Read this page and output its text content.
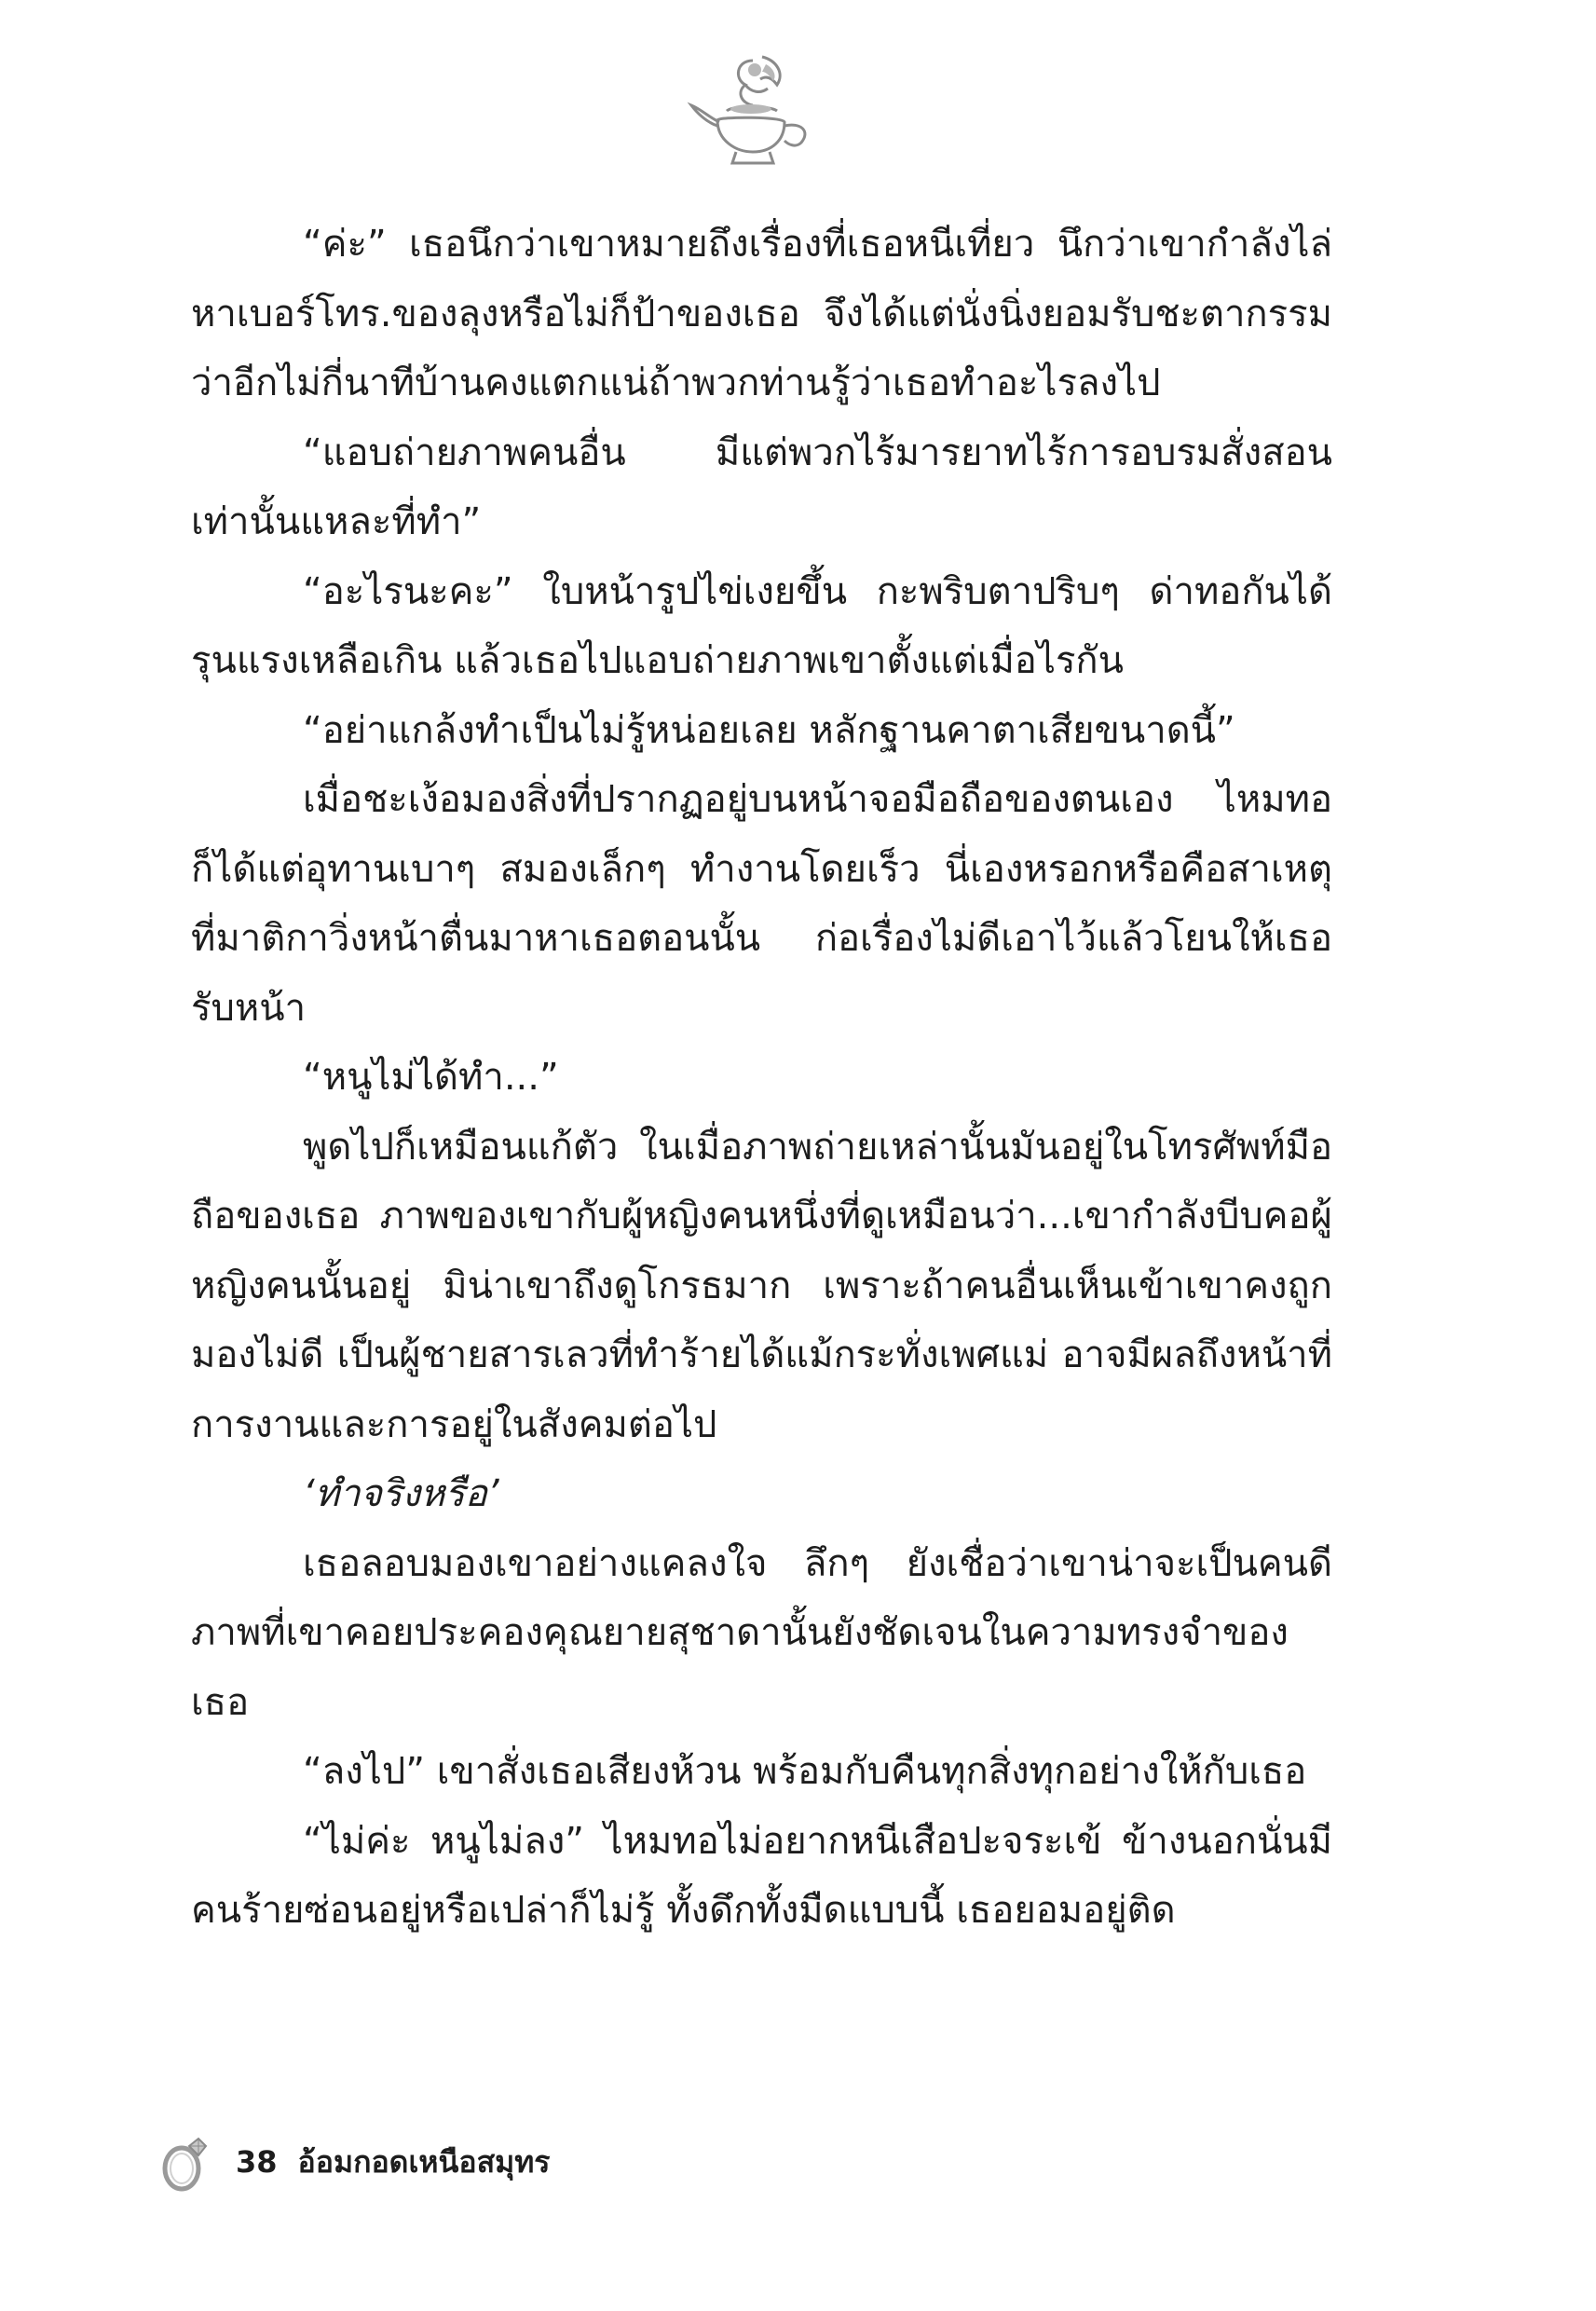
“ค่ะ” เธอนึกว่าเขาหมายถึงเรื่องที่เธอหนีเที่ยว นึกว่าเขากำลังไล่หาเบอร์โทร.ของลุงหรือไม่ก็ป้าของเธอ จึงได้แต่นั่งนิ่งยอมรับชะตากรรม ว่าอีกไม่กี่นาทีบ้านคงแตกแน่ถ้าพวกท่านรู้ว่าเธอทำอะไรลงไป

“แอบถ่ายภาพคนอื่น มีแต่พวกไร้มารยาทไร้การอบรมสั่งสอนเท่านั้นแหละที่ทำ”

“อะไรนะคะ” ใบหน้ารูปไข่เงยขึ้น กะพริบตาปริบๆ ด่าทอกันได้รุนแรงเหลือเกิน แล้วเธอไปแอบถ่ายภาพเขาตั้งแต่เมื่อไรกัน

“อย่าแกล้งทำเป็นไม่รู้หน่อยเลย หลักฐานคาตาเสียขนาดนี้”

เมื่อชะเง้อมองสิ่งที่ปรากฏอยู่บนหน้าจอมือถือของตนเอง ไหมทอก็ได้แต่อุทานเบาๆ สมองเล็กๆ ทำงานโดยเร็ว นี่เองหรอกหรือคือสาเหตุที่มาติกาวิ่งหน้าตื่นมาหาเธอตอนนั้น ก่อเรื่องไม่ดีเอาไว้แล้วโยนให้เธอรับหน้า

“หนูไม่ได้ทำ...”

พูดไปก็เหมือนแก้ตัว ในเมื่อภาพถ่ายเหล่านั้นมันอยู่ในโทรศัพท์มือถือของเธอ ภาพของเขากับผู้หญิงคนหนึ่งที่ดูเหมือนว่า...เขากำลังบีบคอผู้หญิงคนนั้นอยู่ มิน่าเขาถึงดูโกรธมาก เพราะถ้าคนอื่นเห็นเข้าเขาคงถูกมองไม่ดี เป็นผู้ชายสารเลวที่ทำร้ายได้แม้กระทั่งเพศแม่ อาจมีผลถึงหน้าที่การงานและการอยู่ในสังคมต่อไป

‘ทำจริงหรือ’

เธอลอบมองเขาอย่างแคลงใจ ลึกๆ ยังเชื่อว่าเขาน่าจะเป็นคนดีภาพที่เขาคอยประคองคุณยายสุชาดานั้นยังชัดเจนในความทรงจำของเธอ

“ลงไป” เขาสั่งเธอเสียงห้วน พร้อมกับคืนทุกสิ่งทุกอย่างให้กับเธอ

“ไม่ค่ะ หนูไม่ลง” ไหมทอไม่อยากหนีเสือปะจระเข้ ข้างนอกนั่นมีคนร้ายซ่อนอยู่หรือเปล่าก็ไม่รู้ ทั้งดึกทั้งมืดแบบนี้ เธอยอมอยู่ติด

38 อ้อมกอดเหนือสมุทร
